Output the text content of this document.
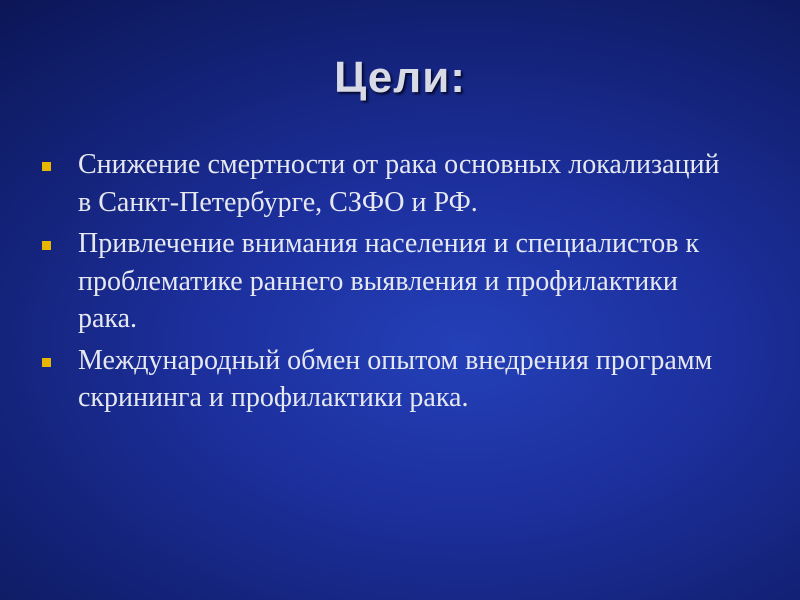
Цели:
Снижение смертности от рака основных локализаций в Санкт-Петербурге, СЗФО и РФ.
Привлечение внимания населения и специалистов к проблематике раннего выявления и профилактики рака.
Международный обмен опытом внедрения программ скрининга и профилактики рака.
